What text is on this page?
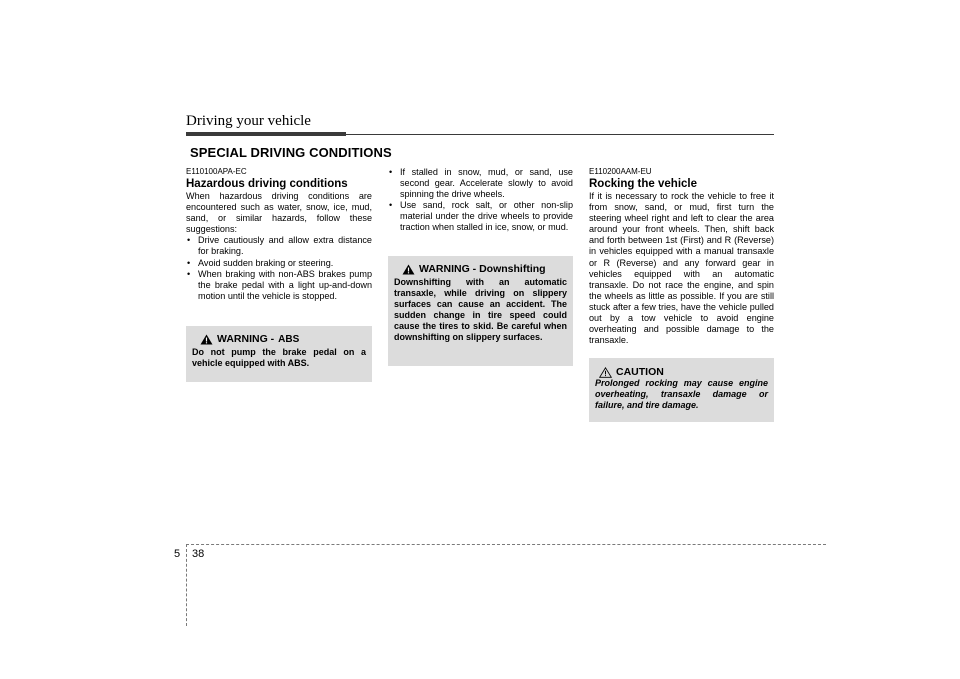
Driving your vehicle
SPECIAL DRIVING CONDITIONS
E110100APA-EC
Hazardous driving conditions
When hazardous driving conditions are encountered such as water, snow, ice, mud, sand, or similar hazards, follow these suggestions:
• Drive cautiously and allow extra distance for braking.
• Avoid sudden braking or steering.
• When braking with non-ABS brakes pump the brake pedal with a light up-and-down motion until the vehicle is stopped.
WARNING - ABS
Do not pump the brake pedal on a vehicle equipped with ABS.
• If stalled in snow, mud, or sand, use second gear. Accelerate slowly to avoid spinning the drive wheels.
• Use sand, rock salt, or other non-slip material under the drive wheels to provide traction when stalled in ice, snow, or mud.
WARNING - Downshifting
Downshifting with an automatic transaxle, while driving on slippery surfaces can cause an accident. The sudden change in tire speed could cause the tires to skid. Be careful when downshifting on slippery surfaces.
E110200AAM-EU
Rocking the vehicle
If it is necessary to rock the vehicle to free it from snow, sand, or mud, first turn the steering wheel right and left to clear the area around your front wheels. Then, shift back and forth between 1st (First) and R (Reverse) in vehicles equipped with a manual transaxle or R (Reverse) and any forward gear in vehicles equipped with an automatic transaxle. Do not race the engine, and spin the wheels as little as possible. If you are still stuck after a few tries, have the vehicle pulled out by a tow vehicle to avoid engine overheating and possible damage to the transaxle.
CAUTION
Prolonged rocking may cause engine overheating, transaxle damage or failure, and tire damage.
5 38
